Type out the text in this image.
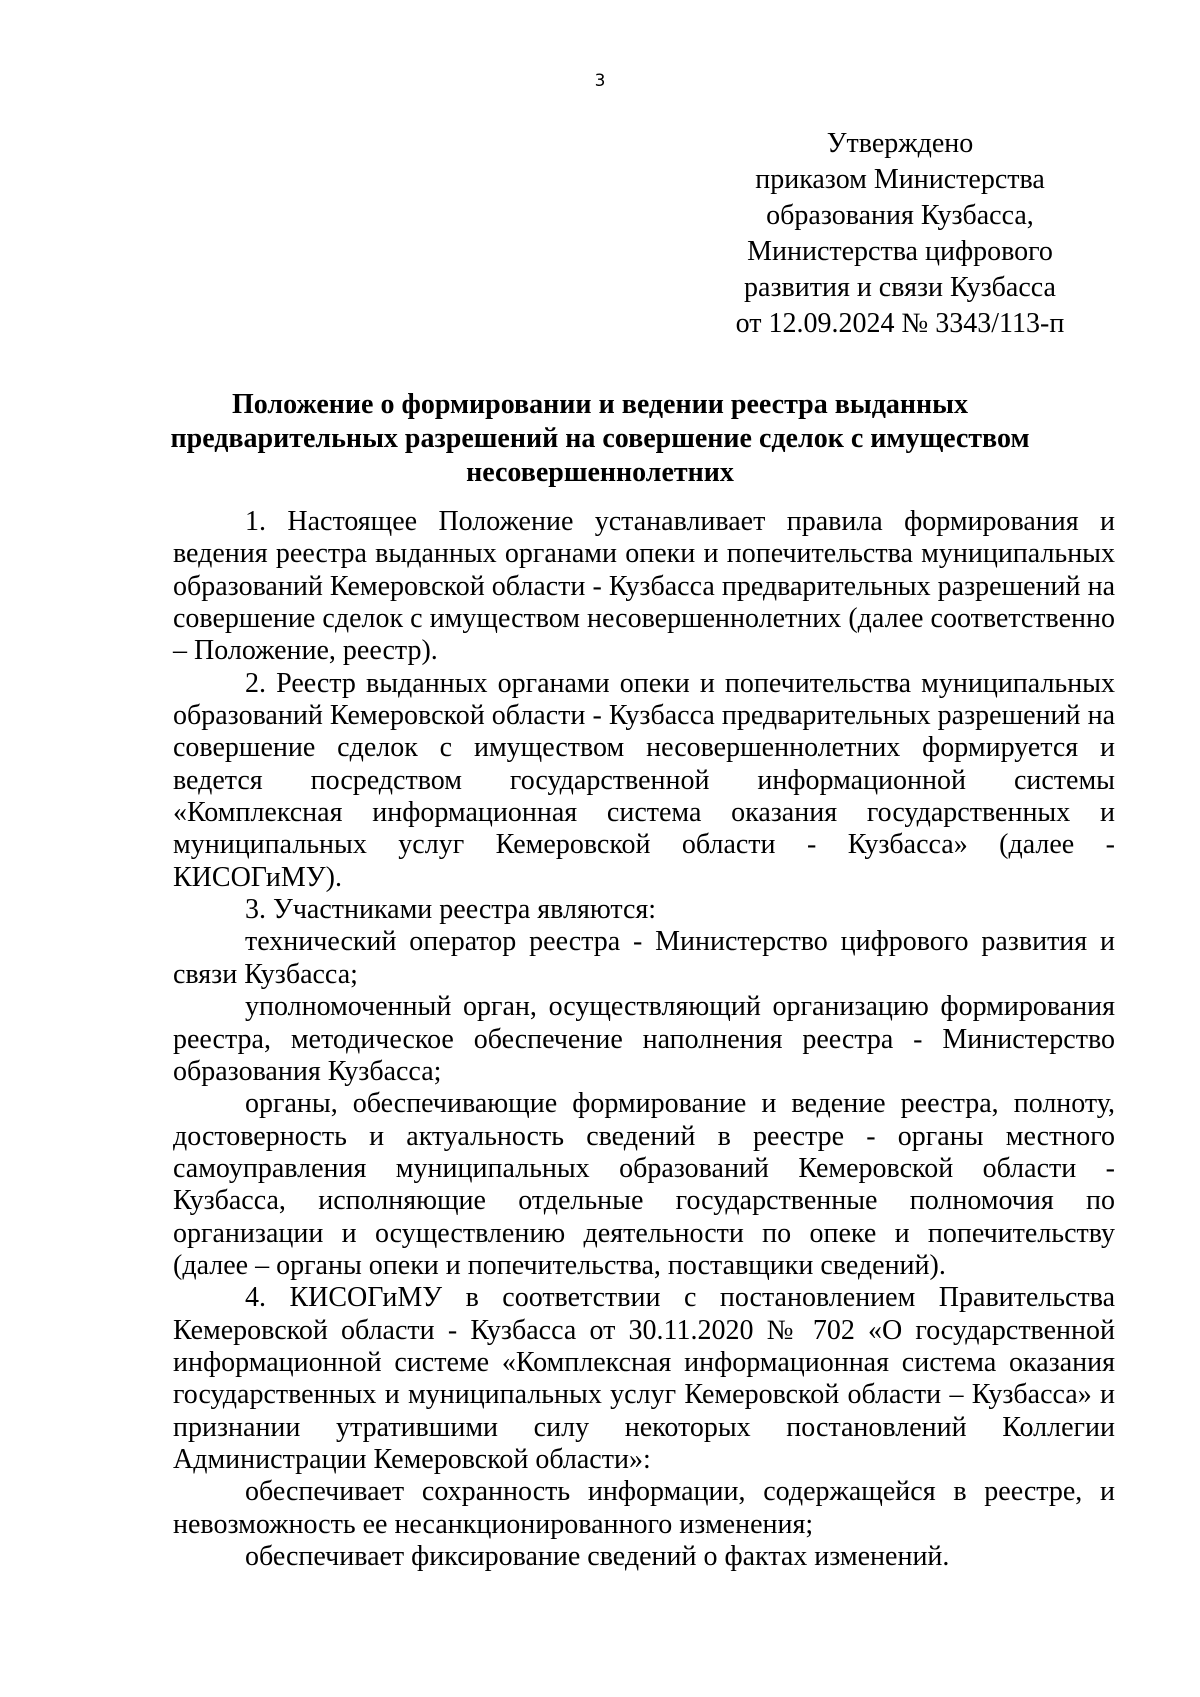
3
Утверждено
приказом Министерства
образования Кузбасса,
Министерства цифрового
развития и связи Кузбасса
от 12.09.2024 № 3343/113-п
Положение о формировании и ведении реестра выданных
предварительных разрешений на совершение сделок с имуществом
несовершеннолетних

1. Настоящее Положение устанавливает правила формирования и ведения реестра выданных органами опеки и попечительства муниципальных образований Кемеровской области - Кузбасса предварительных разрешений на совершение сделок с имуществом несовершеннолетних (далее соответственно – Положение, реестр).

2. Реестр выданных органами опеки и попечительства муниципальных образований Кемеровской области - Кузбасса предварительных разрешений на совершение сделок с имуществом несовершеннолетних формируется и ведется посредством государственной информационной системы «Комплексная информационная система оказания государственных и муниципальных услуг Кемеровской области - Кузбасса» (далее - КИСОГиМУ).

3. Участниками реестра являются:

технический оператор реестра - Министерство цифрового развития и связи Кузбасса;

уполномоченный орган, осуществляющий организацию формирования реестра, методическое обеспечение наполнения реестра - Министерство образования Кузбасса;

органы, обеспечивающие формирование и ведение реестра, полноту, достоверность и актуальность сведений в реестре - органы местного самоуправления муниципальных образований Кемеровской области - Кузбасса, исполняющие отдельные государственные полномочия по организации и осуществлению деятельности по опеке и попечительству (далее – органы опеки и попечительства, поставщики сведений).

4. КИСОГиМУ в соответствии с постановлением Правительства Кемеровской области - Кузбасса от 30.11.2020 № 702 «О государственной информационной системе «Комплексная информационная система оказания государственных и муниципальных услуг Кемеровской области – Кузбасса» и признании утратившими силу некоторых постановлений Коллегии Администрации Кемеровской области»:

обеспечивает сохранность информации, содержащейся в реестре, и невозможность ее несанкционированного изменения;

обеспечивает фиксирование сведений о фактах изменений.
